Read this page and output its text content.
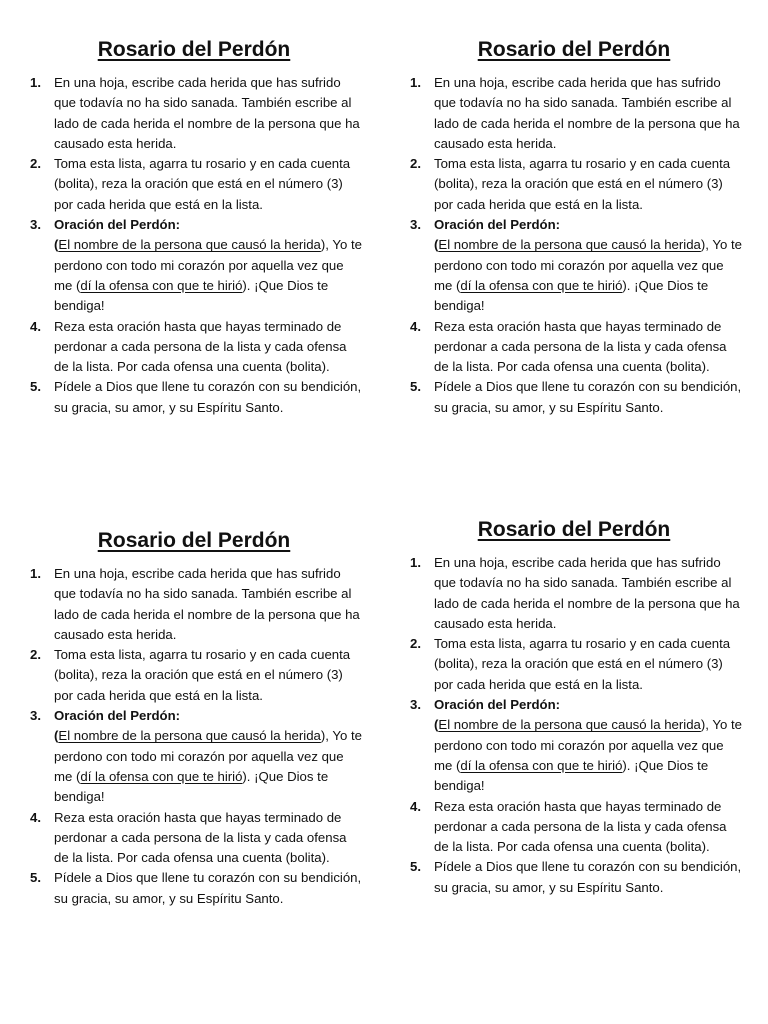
Rosario del Perdón
1. En una hoja, escribe cada herida que has sufrido que todavía no ha sido sanada. También escribe al lado de cada herida el nombre de la persona que ha causado esta herida.
2. Toma esta lista, agarra tu rosario y en cada cuenta (bolita), reza la oración que está en el número (3) por cada herida que está en la lista.
3. Oración del Perdón:
(El nombre de la persona que causó la herida), Yo te perdono con todo mi corazón por aquella vez que me (dí la ofensa con que te hirió). ¡Que Dios te bendiga!
4. Reza esta oración hasta que hayas terminado de perdonar a cada persona de la lista y cada ofensa de la lista. Por cada ofensa una cuenta (bolita).
5. Pídele a Dios que llene tu corazón con su bendición, su gracia, su amor, y su Espíritu Santo.
Rosario del Perdón
1. En una hoja, escribe cada herida que has sufrido que todavía no ha sido sanada. También escribe al lado de cada herida el nombre de la persona que ha causado esta herida.
2. Toma esta lista, agarra tu rosario y en cada cuenta (bolita), reza la oración que está en el número (3) por cada herida que está en la lista.
3. Oración del Perdón:
(El nombre de la persona que causó la herida), Yo te perdono con todo mi corazón por aquella vez que me (dí la ofensa con que te hirió). ¡Que Dios te bendiga!
4. Reza esta oración hasta que hayas terminado de perdonar a cada persona de la lista y cada ofensa de la lista. Por cada ofensa una cuenta (bolita).
5. Pídele a Dios que llene tu corazón con su bendición, su gracia, su amor, y su Espíritu Santo.
Rosario del Perdón
1. En una hoja, escribe cada herida que has sufrido que todavía no ha sido sanada. También escribe al lado de cada herida el nombre de la persona que ha causado esta herida.
2. Toma esta lista, agarra tu rosario y en cada cuenta (bolita), reza la oración que está en el número (3) por cada herida que está en la lista.
3. Oración del Perdón:
(El nombre de la persona que causó la herida), Yo te perdono con todo mi corazón por aquella vez que me (dí la ofensa con que te hirió). ¡Que Dios te bendiga!
4. Reza esta oración hasta que hayas terminado de perdonar a cada persona de la lista y cada ofensa de la lista. Por cada ofensa una cuenta (bolita).
5. Pídele a Dios que llene tu corazón con su bendición, su gracia, su amor, y su Espíritu Santo.
Rosario del Perdón
1. En una hoja, escribe cada herida que has sufrido que todavía no ha sido sanada. También escribe al lado de cada herida el nombre de la persona que ha causado esta herida.
2. Toma esta lista, agarra tu rosario y en cada cuenta (bolita), reza la oración que está en el número (3) por cada herida que está en la lista.
3. Oración del Perdón:
(El nombre de la persona que causó la herida), Yo te perdono con todo mi corazón por aquella vez que me (dí la ofensa con que te hirió). ¡Que Dios te bendiga!
4. Reza esta oración hasta que hayas terminado de perdonar a cada persona de la lista y cada ofensa de la lista. Por cada ofensa una cuenta (bolita).
5. Pídele a Dios que llene tu corazón con su bendición, su gracia, su amor, y su Espíritu Santo.
